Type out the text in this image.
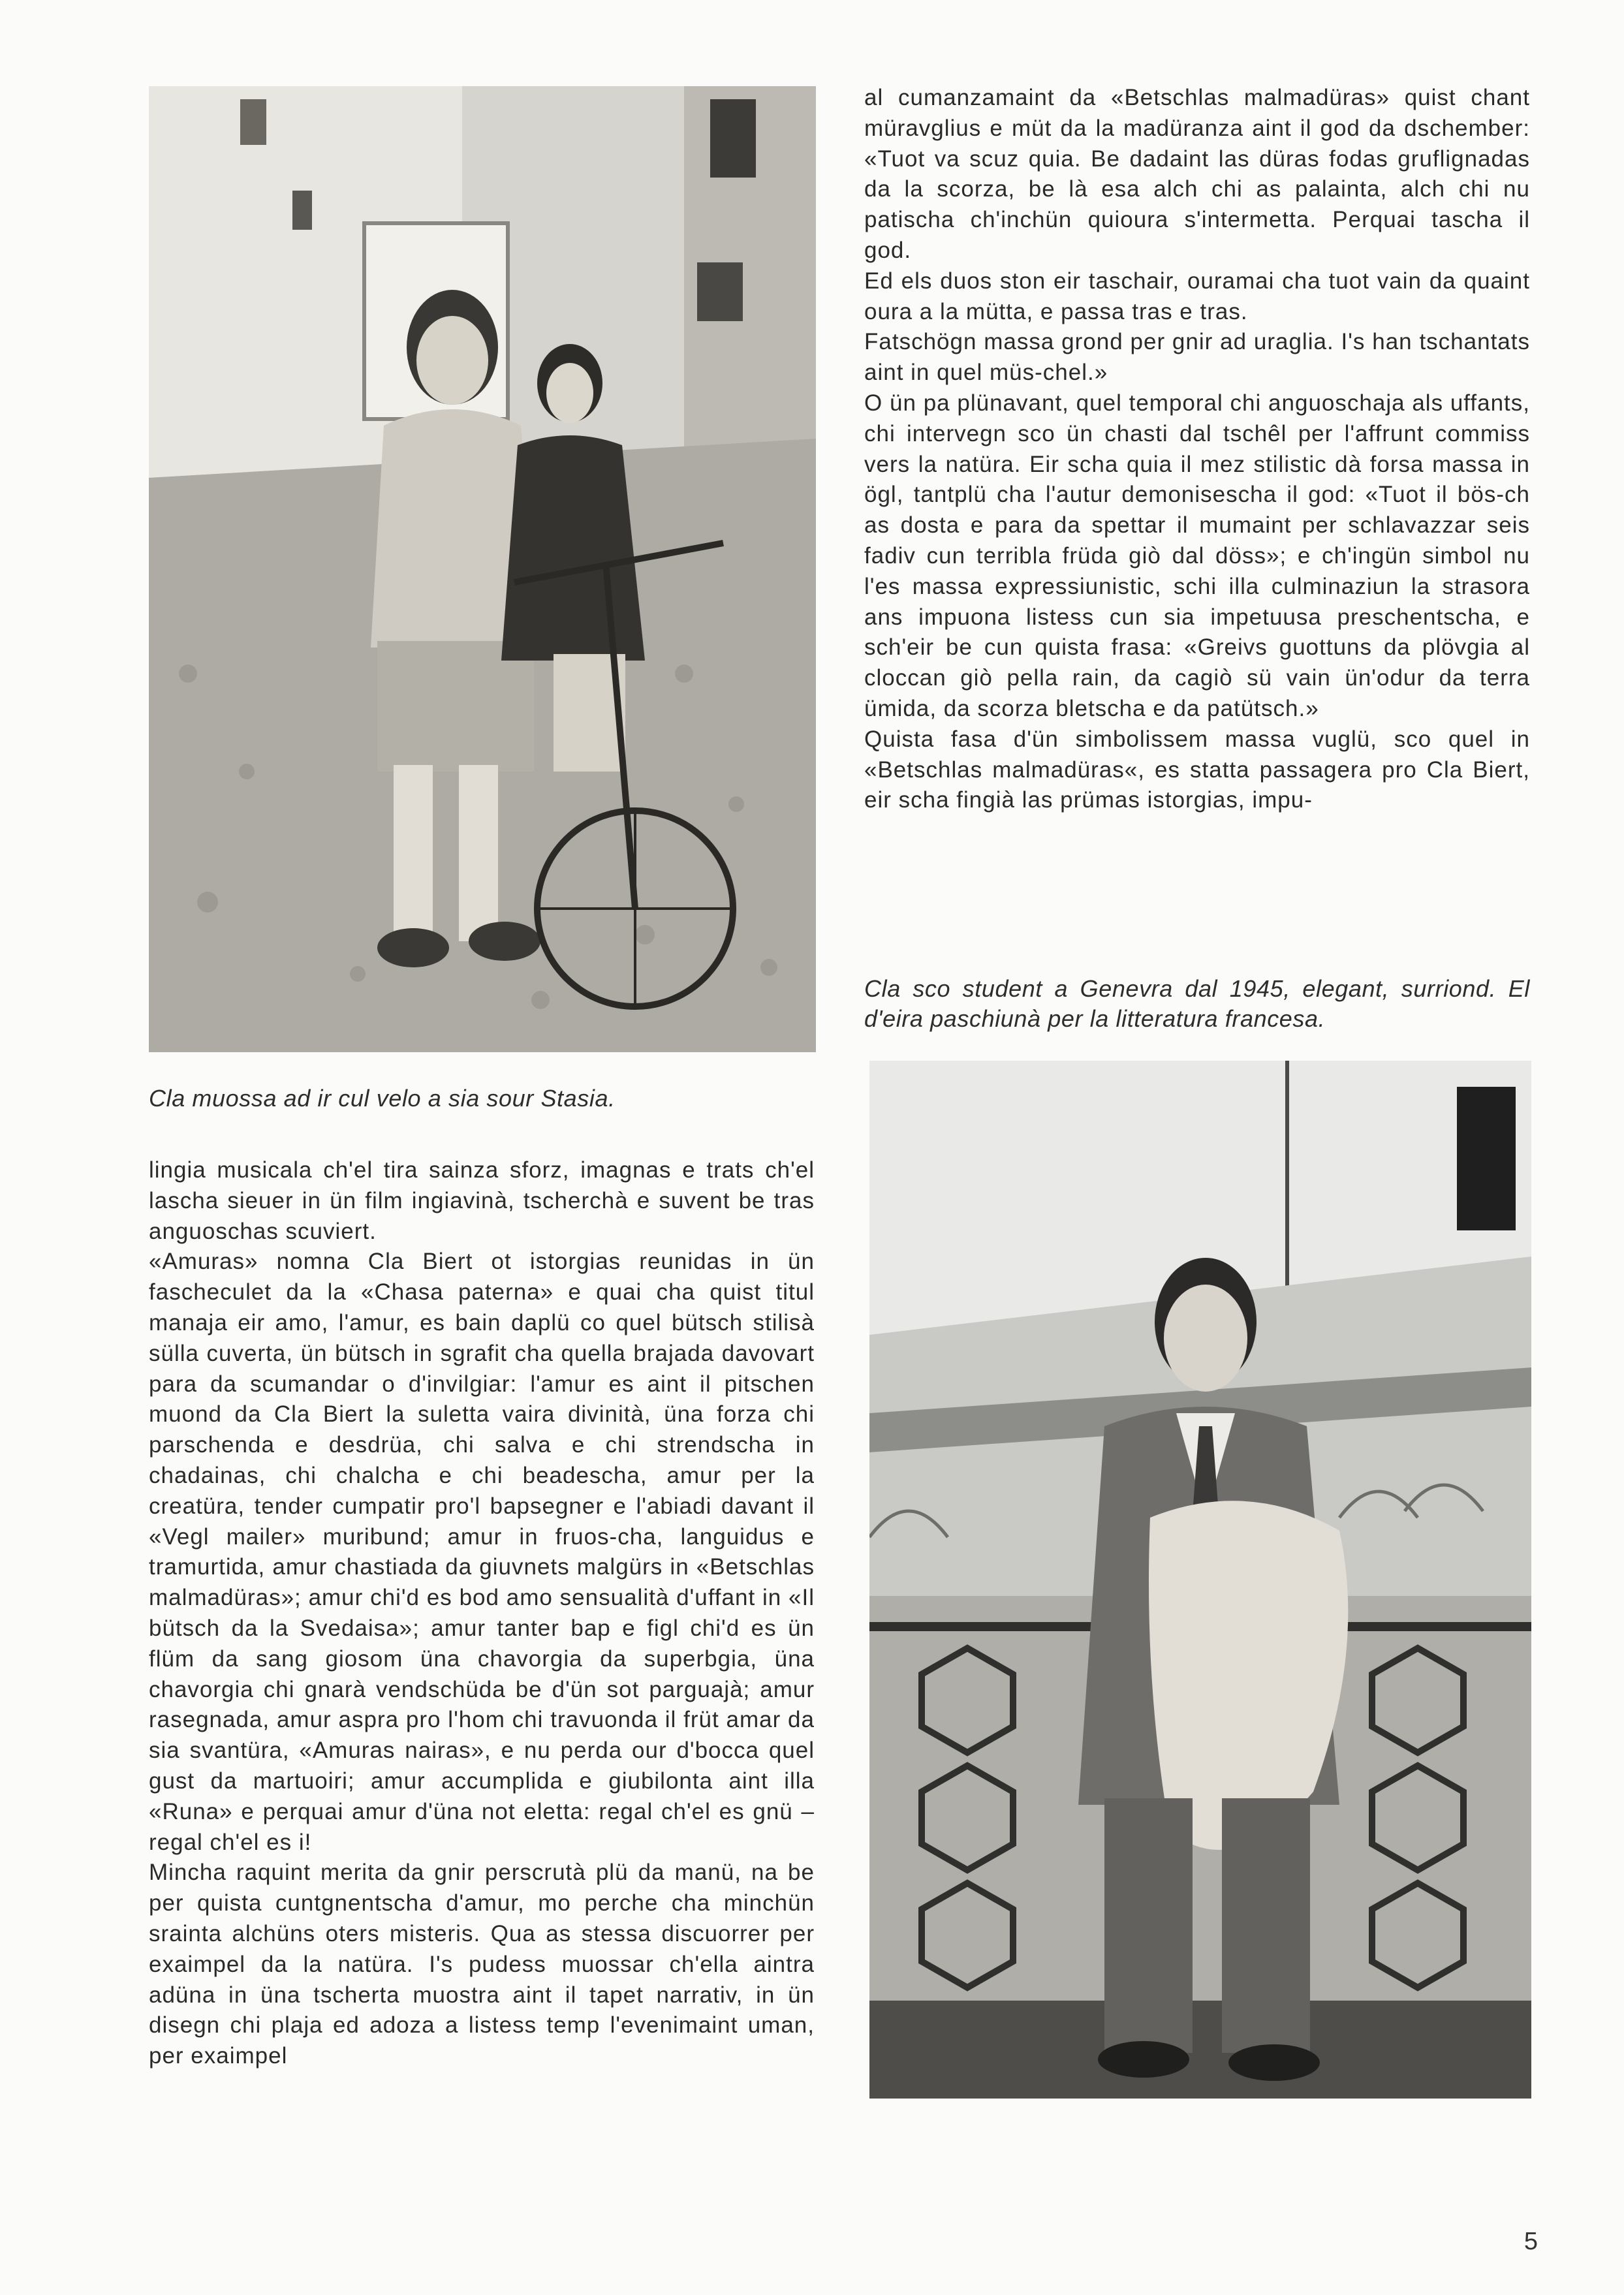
Cla muossa ad ir cul velo a sia sour Stasia.

al cumanzamaint da «Betschlas malmadüras» quist chant müravglius e müt da la madüranza aint il god da dschember: «Tuot va scuz quia. Be dadaint las düras fodas gruflignadas da la scorza, be là esa alch chi as palainta, alch chi nu patischa ch'inchün quioura s'intermetta. Perquai tascha il god.
Ed els duos ston eir taschair, ouramai cha tuot vain da quaint oura a la mütta, e passa tras e tras.
Fatschögn massa grond per gnir ad uraglia. I's han tschantats aint in quel müs-chel.»
O ün pa plünavant, quel temporal chi anguoschaja als uffants, chi intervegn sco ün chasti dal tschêl per l'affrunt commiss vers la natüra. Eir scha quia il mez stilistic dà forsa massa in ögl, tantplü cha l'autur demonisescha il god: «Tuot il bös-ch as dosta e para da spettar il mumaint per schlavazzar seis fadiv cun terribla früda giò dal döss»; e ch'ingün simbol nu l'es massa expressiunistic, schi illa culminaziun la strasora ans impuona listess cun sia impetuusa preschentscha, e sch'eir be cun quista frasa: «Greivs guottuns da plövgia al cloccan giò pella rain, da cagiò sü vain ün'odur da terra ümida, da scorza bletscha e da patütsch.»
Quista fasa d'ün simbolissem massa vuglü, sco quel in «Betschlas malmadüras«, es statta passagera pro Cla Biert, eir scha fingià las prümas istorgias, impu-

Cla sco student a Genevra dal 1945, elegant, surriond. El d'eira paschiunà per la litteratura francesa.

lingia musicala ch'el tira sainza sforz, imagnas e trats ch'el lascha sieuer in ün film ingiavinà, tscherchà e suvent be tras anguoschas scuviert.
«Amuras» nomna Cla Biert ot istorgias reunidas in ün fascheculet da la «Chasa paterna» e quai cha quist titul manaja eir amo, l'amur, es bain daplü co quel bütsch stilisà sülla cuverta, ün bütsch in sgrafit cha quella brajada davovart para da scumandar o d'invilgiar: l'amur es aint il pitschen muond da Cla Biert la suletta vaira divinità, üna forza chi parschenda e desdrüa, chi salva e chi strendscha in chadainas, chi chalcha e chi beadescha, amur per la creatüra, tender cumpatir pro'l bapsegner e l'abiadi davant il «Vegl mailer» muribund; amur in fruos-cha, languidus e tramurtida, amur chastiada da giuvnets malgürs in «Betschlas malmadüras»; amur chi'd es bod amo sensualità d'uffant in «Il bütsch da la Svedaisa»; amur tanter bap e figl chi'd es ün flüm da sang giosom üna chavorgia da superbgia, üna chavorgia chi gnarà vendschüda be d'ün sot parguajà; amur rasegnada, amur aspra pro l'hom chi travuonda il früt amar da sia svantüra, «Amuras nairas», e nu perda our d'bocca quel gust da martuoiri; amur accumplida e giubilonta aint illa «Runa» e perquai amur d'üna not eletta: regal ch'el es gnü – regal ch'el es i!
Mincha raquint merita da gnir perscrutà plü da manü, na be per quista cuntgnentscha d'amur, mo perche cha minchün srainta alchüns oters misteris. Qua as stessa discuorrer per exaimpel da la natüra. I's pudess muossar ch'ella aintra adüna in üna tscherta muostra aint il tapet narrativ, in ün disegn chi plaja ed adoza a listess temp l'evenimaint uman, per exaimpel

5
